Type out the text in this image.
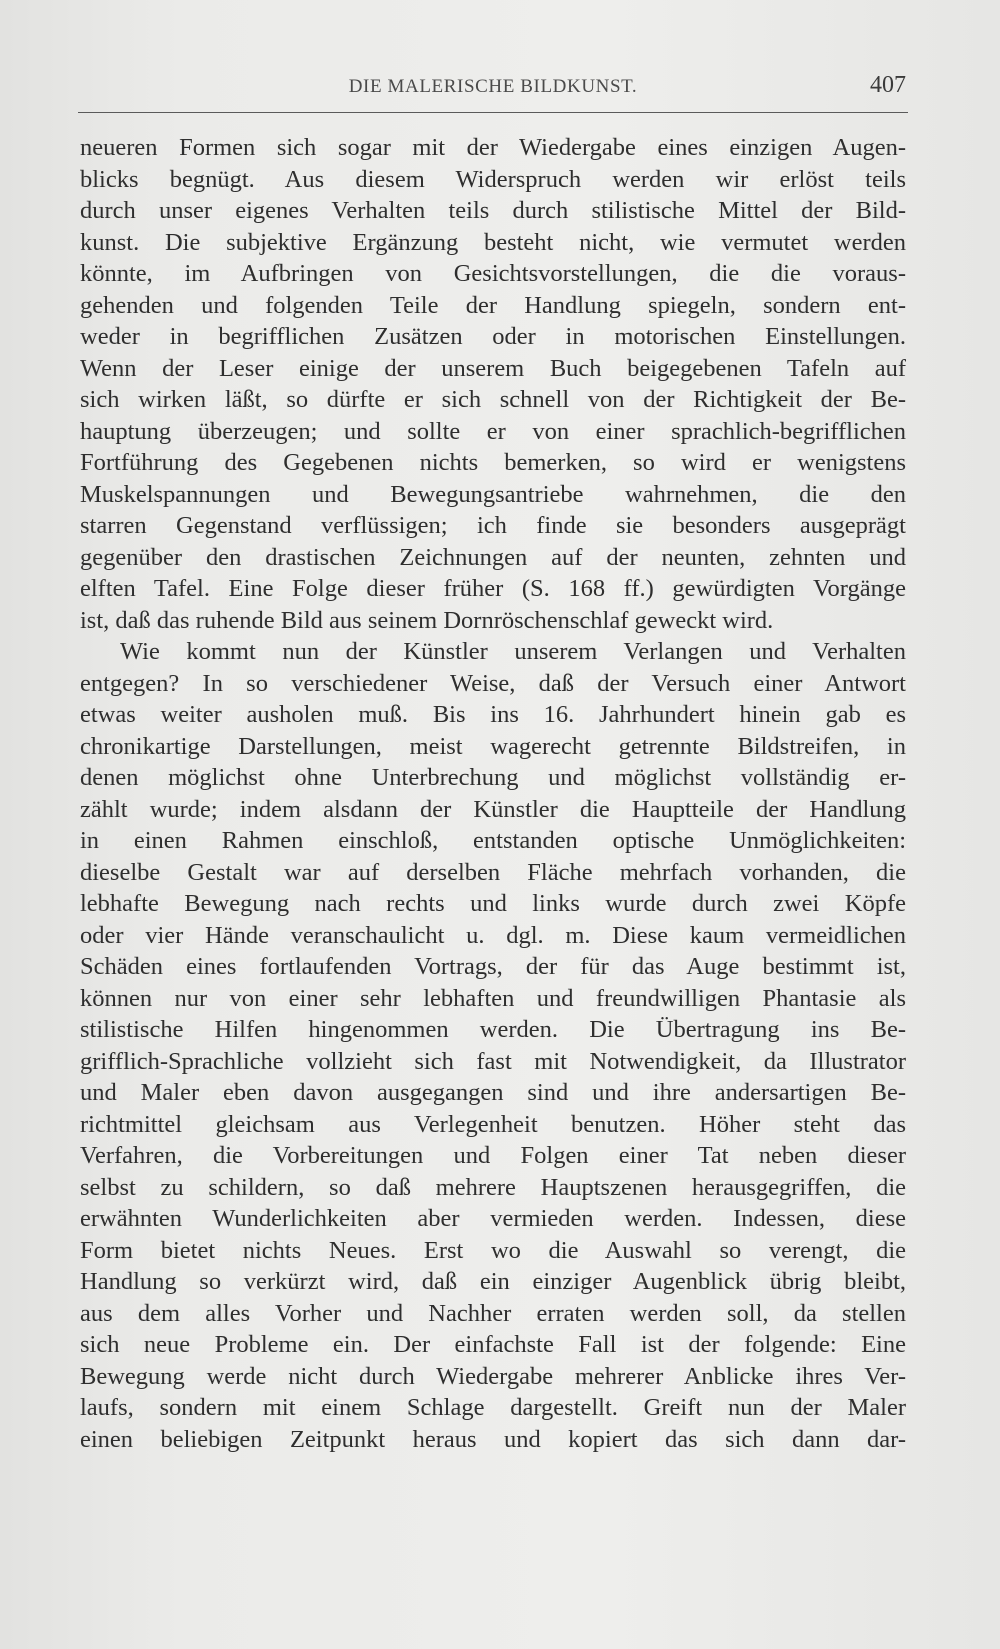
DIE MALERISCHE BILDKUNST.	407
neueren Formen sich sogar mit der Wiedergabe eines einzigen Augen-
blicks begnügt. Aus diesem Widerspruch werden wir erlöst teils
durch unser eigenes Verhalten teils durch stilistische Mittel der Bild-
kunst. Die subjektive Ergänzung besteht nicht, wie vermutet werden
könnte, im Aufbringen von Gesichtsvorstellungen, die die voraus-
gehenden und folgenden Teile der Handlung spiegeln, sondern ent-
weder in begrifflichen Zusätzen oder in motorischen Einstellungen.
Wenn der Leser einige der unserem Buch beigegebenen Tafeln auf
sich wirken läßt, so dürfte er sich schnell von der Richtigkeit der Be-
hauptung überzeugen; und sollte er von einer sprachlich-begrifflichen
Fortführung des Gegebenen nichts bemerken, so wird er wenigstens
Muskelspannungen und Bewegungsantriebe wahrnehmen, die den
starren Gegenstand verflüssigen; ich finde sie besonders ausgeprägt
gegenüber den drastischen Zeichnungen auf der neunten, zehnten und
elften Tafel. Eine Folge dieser früher (S. 168 ff.) gewürdigten Vorgänge
ist, daß das ruhende Bild aus seinem Dornröschenschlaf geweckt wird.
Wie kommt nun der Künstler unserem Verlangen und Verhalten
entgegen? In so verschiedener Weise, daß der Versuch einer Antwort
etwas weiter ausholen muß. Bis ins 16. Jahrhundert hinein gab es
chronikartige Darstellungen, meist wagerecht getrennte Bildstreifen, in
denen möglichst ohne Unterbrechung und möglichst vollständig er-
zählt wurde; indem alsdann der Künstler die Hauptteile der Handlung
in einen Rahmen einschloß, entstanden optische Unmöglichkeiten:
dieselbe Gestalt war auf derselben Fläche mehrfach vorhanden, die
lebhafte Bewegung nach rechts und links wurde durch zwei Köpfe
oder vier Hände veranschaulicht u. dgl. m. Diese kaum vermeidlichen
Schäden eines fortlaufenden Vortrags, der für das Auge bestimmt ist,
können nur von einer sehr lebhaften und freundwilligen Phantasie als
stilistische Hilfen hingenommen werden. Die Übertragung ins Be-
grifflich-Sprachliche vollzieht sich fast mit Notwendigkeit, da Illustrator
und Maler eben davon ausgegangen sind und ihre andersartigen Be-
richtmittel gleichsam aus Verlegenheit benutzen. Höher steht das
Verfahren, die Vorbereitungen und Folgen einer Tat neben dieser
selbst zu schildern, so daß mehrere Hauptszenen herausgegriffen, die
erwähnten Wunderlichkeiten aber vermieden werden. Indessen, diese
Form bietet nichts Neues. Erst wo die Auswahl so verengt, die
Handlung so verkürzt wird, daß ein einziger Augenblick übrig bleibt,
aus dem alles Vorher und Nachher erraten werden soll, da stellen
sich neue Probleme ein. Der einfachste Fall ist der folgende: Eine
Bewegung werde nicht durch Wiedergabe mehrerer Anblicke ihres Ver-
laufs, sondern mit einem Schlage dargestellt. Greift nun der Maler
einen beliebigen Zeitpunkt heraus und kopiert das sich dann dar-
